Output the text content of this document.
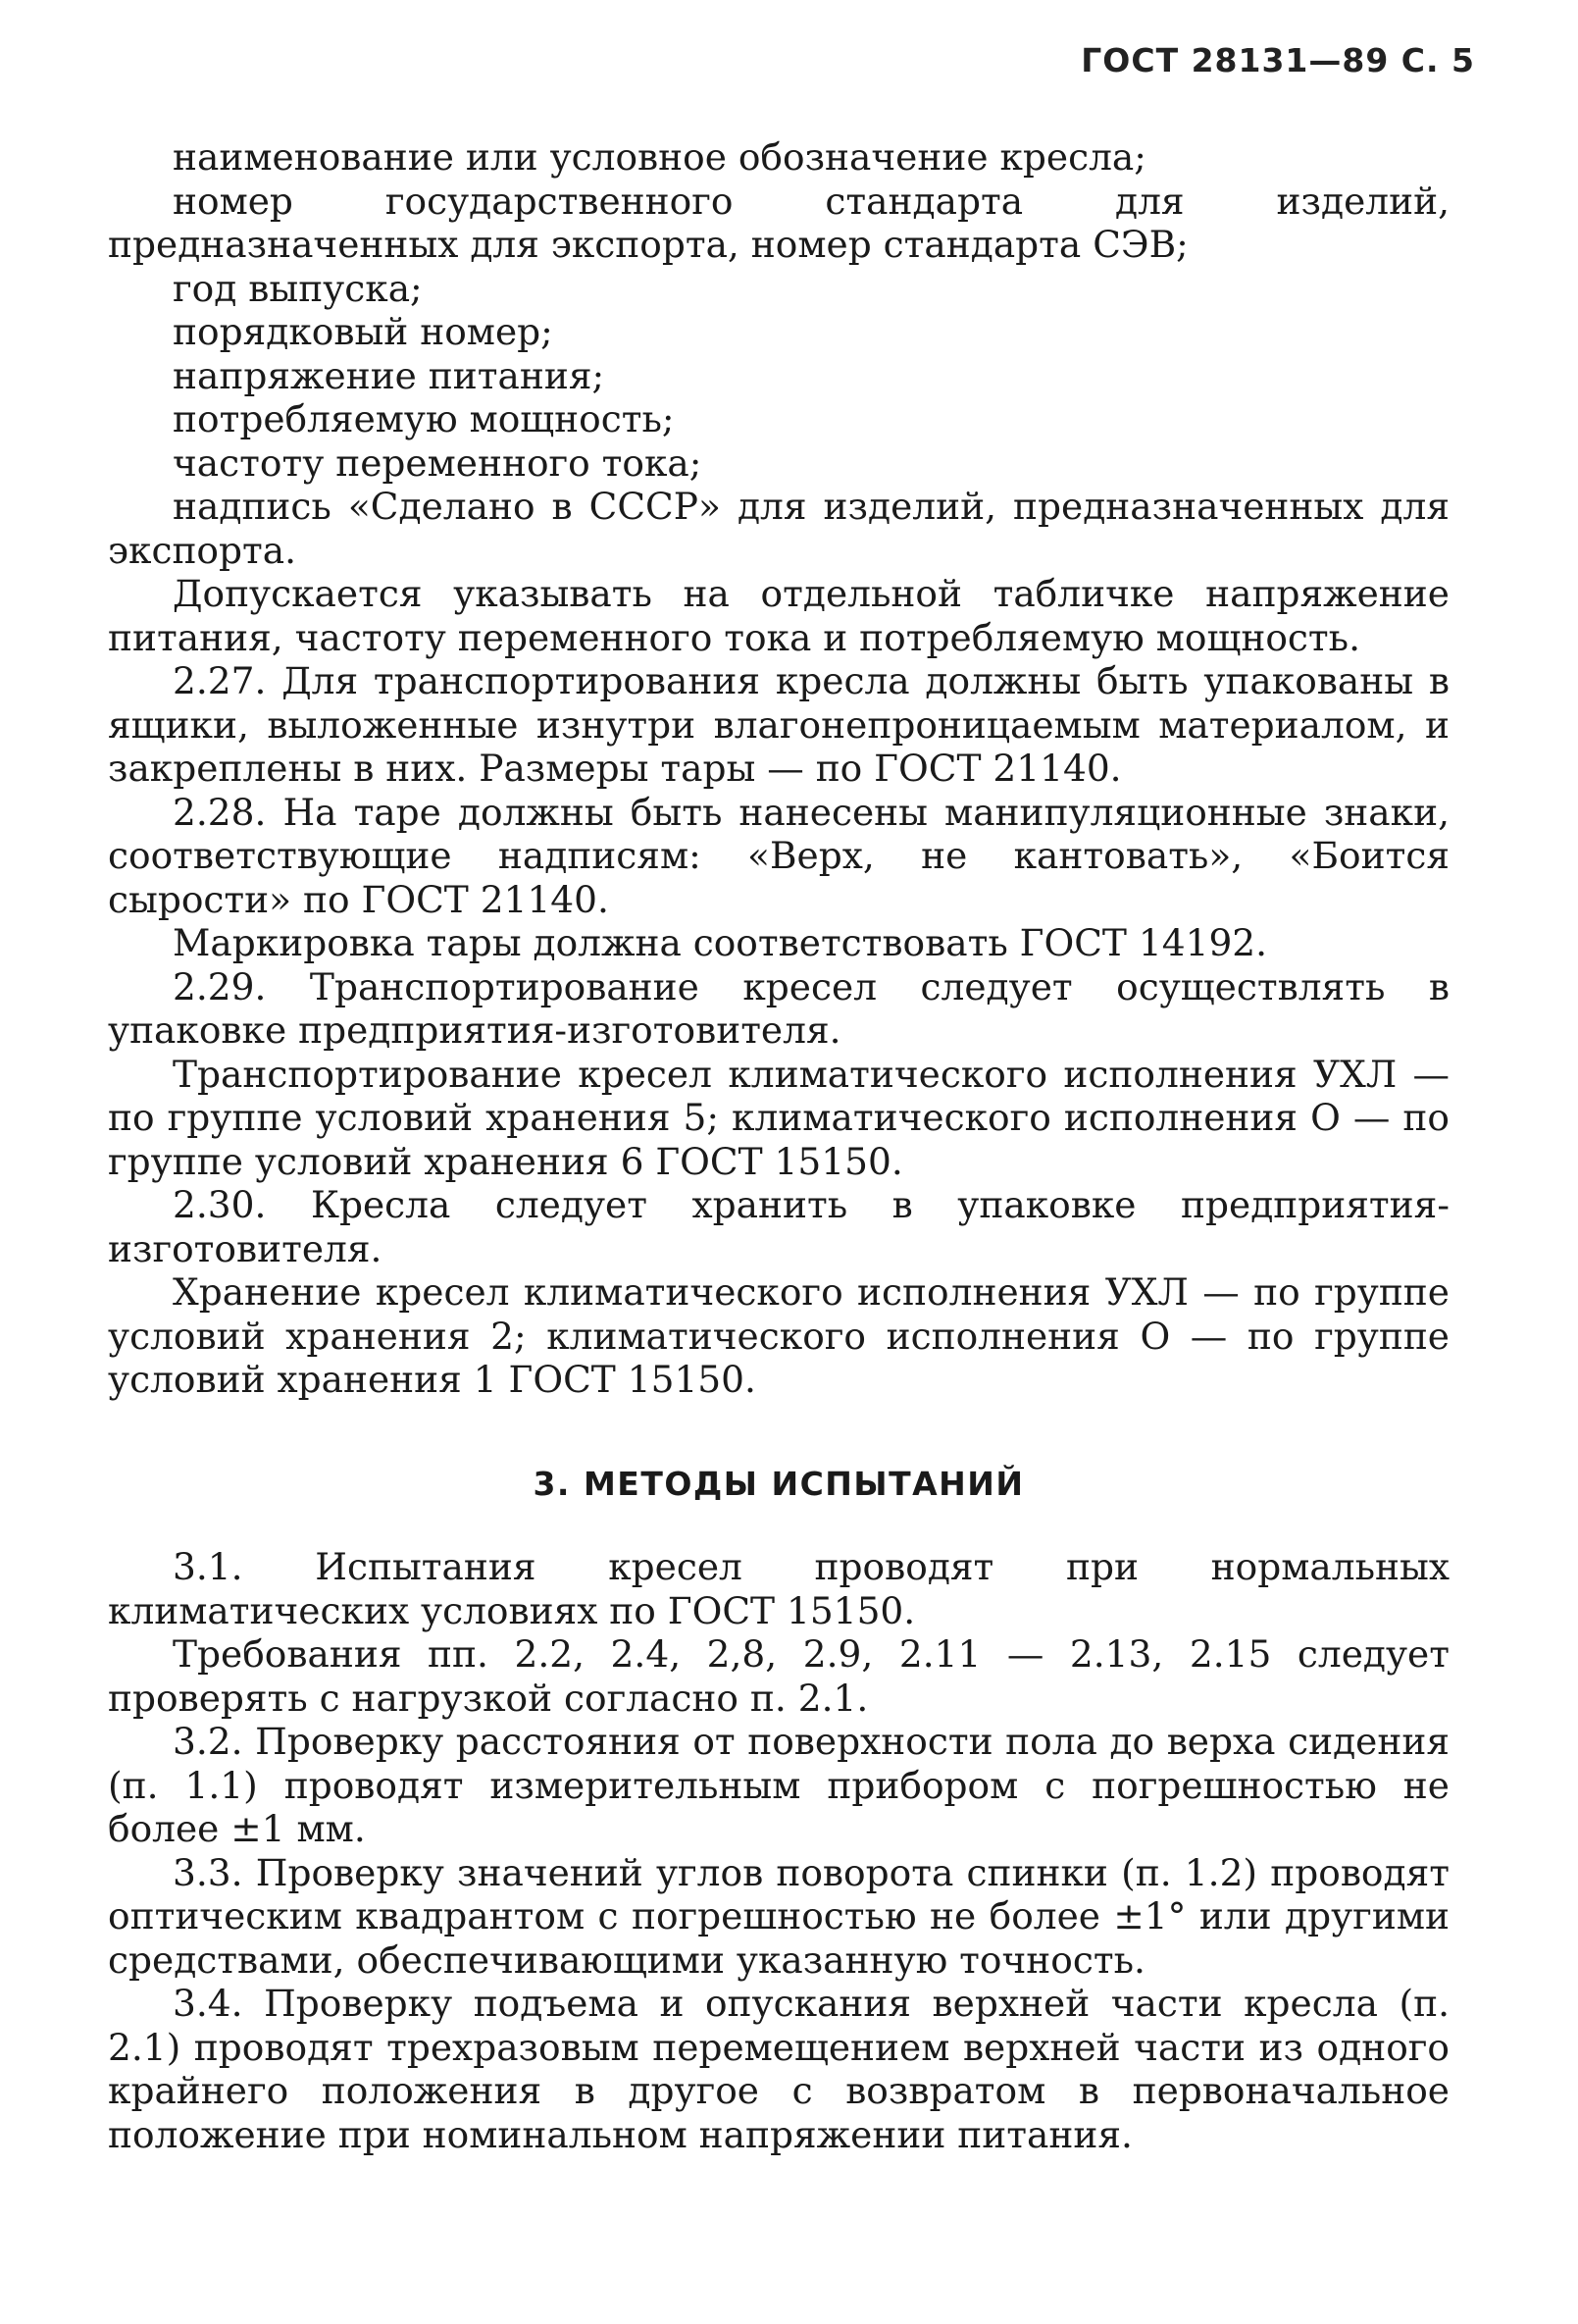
ГОСТ 28131—89 С. 5

наименование или условное обозначение кресла;

номер государственного стандарта для изделий, предназначенных для экспорта, номер стандарта СЭВ;

год выпуска;

порядковый номер;

напряжение питания;

потребляемую мощность;

частоту переменного тока;

надпись «Сделано в СССР» для изделий, предназначенных для экспорта.

Допускается указывать на отдельной табличке напряжение питания, частоту переменного тока и потребляемую мощность.

2.27. Для транспортирования кресла должны быть упакованы в ящики, выложенные изнутри влагонепроницаемым материалом, и закреплены в них. Размеры тары — по ГОСТ 21140.

2.28. На таре должны быть нанесены манипуляционные знаки, соответствующие надписям: «Верх, не кантовать», «Боится сырости» по ГОСТ 21140.

Маркировка тары должна соответствовать ГОСТ 14192.

2.29. Транспортирование кресел следует осуществлять в упаковке предприятия-изготовителя.

Транспортирование кресел климатического исполнения УХЛ — по группе условий хранения 5; климатического исполнения О — по группе условий хранения 6 ГОСТ 15150.

2.30. Кресла следует хранить в упаковке предприятия-изготовителя.

Хранение кресел климатического исполнения УХЛ — по группе условий хранения 2; климатического исполнения О — по группе условий хранения 1 ГОСТ 15150.

3. МЕТОДЫ ИСПЫТАНИЙ

3.1. Испытания кресел проводят при нормальных климатических условиях по ГОСТ 15150.

Требования пп. 2.2, 2.4, 2,8, 2.9, 2.11 — 2.13, 2.15 следует проверять с нагрузкой согласно п. 2.1.

3.2. Проверку расстояния от поверхности пола до верха сидения (п. 1.1) проводят измерительным прибором с погрешностью не более ±1 мм.

3.3. Проверку значений углов поворота спинки (п. 1.2) проводят оптическим квадрантом с погрешностью не более ±1° или другими средствами, обеспечивающими указанную точность.

3.4. Проверку подъема и опускания верхней части кресла (п. 2.1) проводят трехразовым перемещением верхней части из одного крайнего положения в другое с возвратом в первоначальное положение при номинальном напряжении питания.
